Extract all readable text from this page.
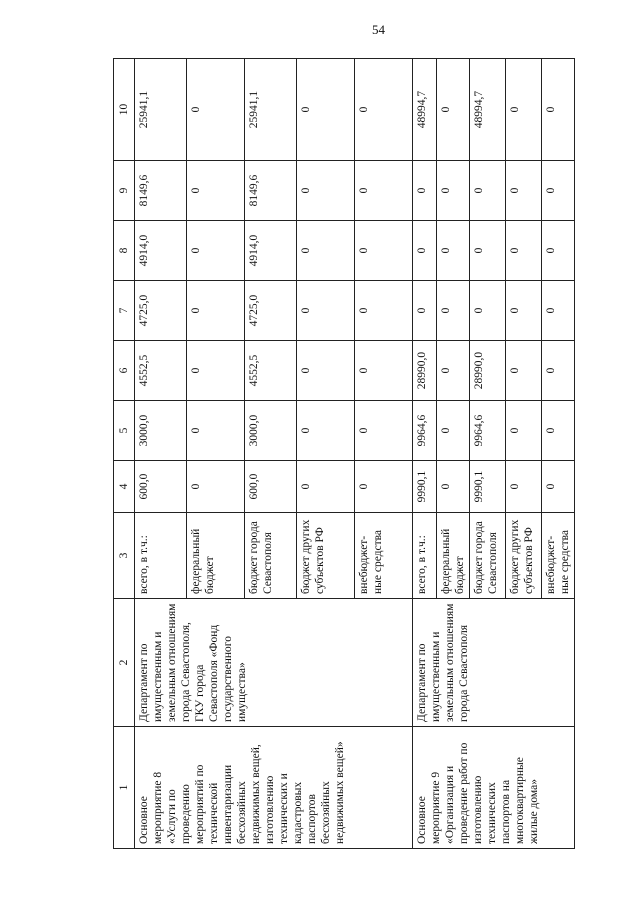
54
1	2	3	4	5	6	7	8	9	10
Основное мероприятие 8 «Услуги по проведению мероприятий по технической инвентаризации бесхозяйных недвижимых вещей, изготовлению технических и кадастровых паспортов бесхозяйных недвижимых вещей»	Департамент по имущественным и земельным отношениям города Севастополя, ГКУ города Севастополя «Фонд государственного имущества»	всего, в т.ч.:	600,0	3000,0	4552,5	4725,0	4914,0	8149,6	25941,1
		федеральный бюджет	0	0	0	0	0	0	0
		бюджет города Севастополя	600,0	3000,0	4552,5	4725,0	4914,0	8149,6	25941,1
		бюджет других субъектов РФ	0	0	0	0	0	0	0
		внебюджет-ные средства	0	0	0	0	0	0	0
Основное мероприятие 9 «Организация и проведение работ по изготовлению технических паспортов на многоквартирные жилые дома»	Департамент по имущественным и земельным отношениям города Севастополя	всего, в т.ч.:	9990,1	9964,6	28990,0	0	0	0	48994,7
		федеральный бюджет	0	0	0	0	0	0	0
		бюджет города Севастополя	9990,1	9964,6	28990,0	0	0	0	48994,7
		бюджет других субъектов РФ	0	0	0	0	0	0	0
		внебюджет-ные средства	0	0	0	0	0	0	0
